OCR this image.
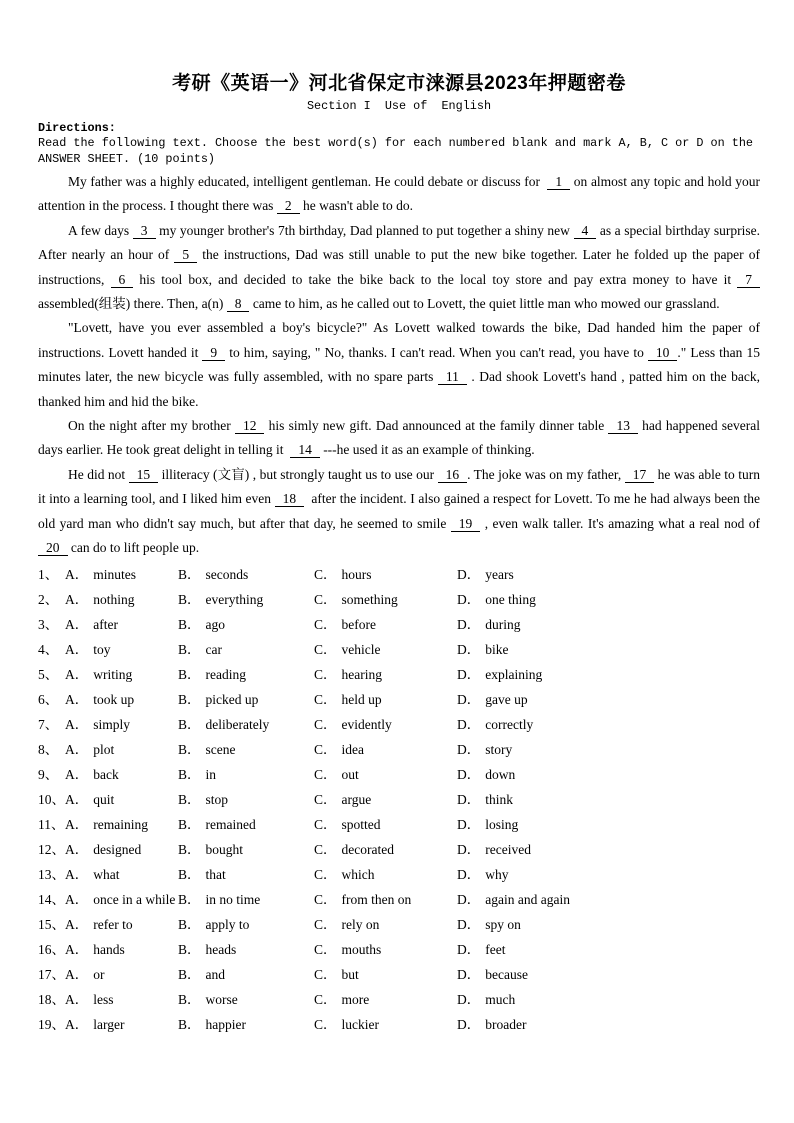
考研《英语一》河北省保定市涞源县2023年押题密卷
Section I  Use of  English
Directions:
Read the following text. Choose the best word(s) for each numbered blank and mark A, B, C or D on the ANSWER SHEET. (10 points)

My father was a highly educated, intelligent gentleman. He could debate or discuss for  1 on almost any topic and hold your attention in the process. I thought there was 2 he wasn't able to do.

A few days 3 my younger brother's 7th birthday, Dad planned to put together a shiny new 4 as a special birthday surprise. After nearly an hour of 5 the instructions, Dad was still unable to put the new bike together. Later he folded up the paper of instructions, 6 his tool box, and decided to take the bike back to the local toy store and pay extra money to have it 7 assembled(组装) there. Then, a(n) 8 came to him, as he called out to Lovett, the quiet little man who mowed our grassland.

"Lovett, have you ever assembled a boy's bicycle?" As Lovett walked towards the bike, Dad handed him the paper of instructions. Lovett handed it 9 to him, saying, " No, thanks. I can't read. When you can't read, you have to 10 ." Less than 15 minutes later, the new bicycle was fully assembled, with no spare parts 11 . Dad shook Lovett's hand , patted him on the back, thanked him and hid the bike.

On the night after my brother 12 his simly new gift. Dad announced at the family dinner table 13 had happened several days earlier. He took great delight in telling it  14 ---he used it as an example of thinking.

He did not 15 illiteracy (文盲) , but strongly taught us to use our 16 . The joke was on my father, 17 he was able to turn it into a learning tool, and I liked him even 18  after the incident. I also gained a respect for Lovett. To me he had always been the old yard man who didn't say much, but after that day, he seemed to smile 19 , even walk taller. It's amazing what a real nod of 20 can do to lift people up.

1、 A． minutes	B． seconds	C． hours	D． years
2、 A． nothing	B． everything	C． something	D． one thing
3、 A． after	B． ago	C． before	D． during
4、 A． toy	B． car	C． vehicle	D． bike
5、 A． writing	B． reading	C． hearing	D． explaining
6、 A． took up	B． picked up	C． held up	D． gave up
7、 A． simply	B． deliberately	C． evidently	D． correctly
8、 A． plot	B． scene	C． idea	D． story
9、 A． back	B． in	C． out	D． down
10、 A． quit	B． stop	C． argue	D． think
11、 A． remaining	B． remained	C． spotted	D． losing
12、 A． designed	B． bought	C． decorated	D． received
13、 A． what	B． that	C． which	D． why
14、 A． once in a while B． in no time	C． from then on	D． again and again
15、 A． refer to	B． apply to	C． rely on	D． spy on
16、 A． hands	B． heads	C． mouths	D． feet
17、 A． or	B． and	C． but	D． because
18、 A． less	B． worse	C． more	D． much
19、 A． larger	B． happier	C． luckier	D． broader
